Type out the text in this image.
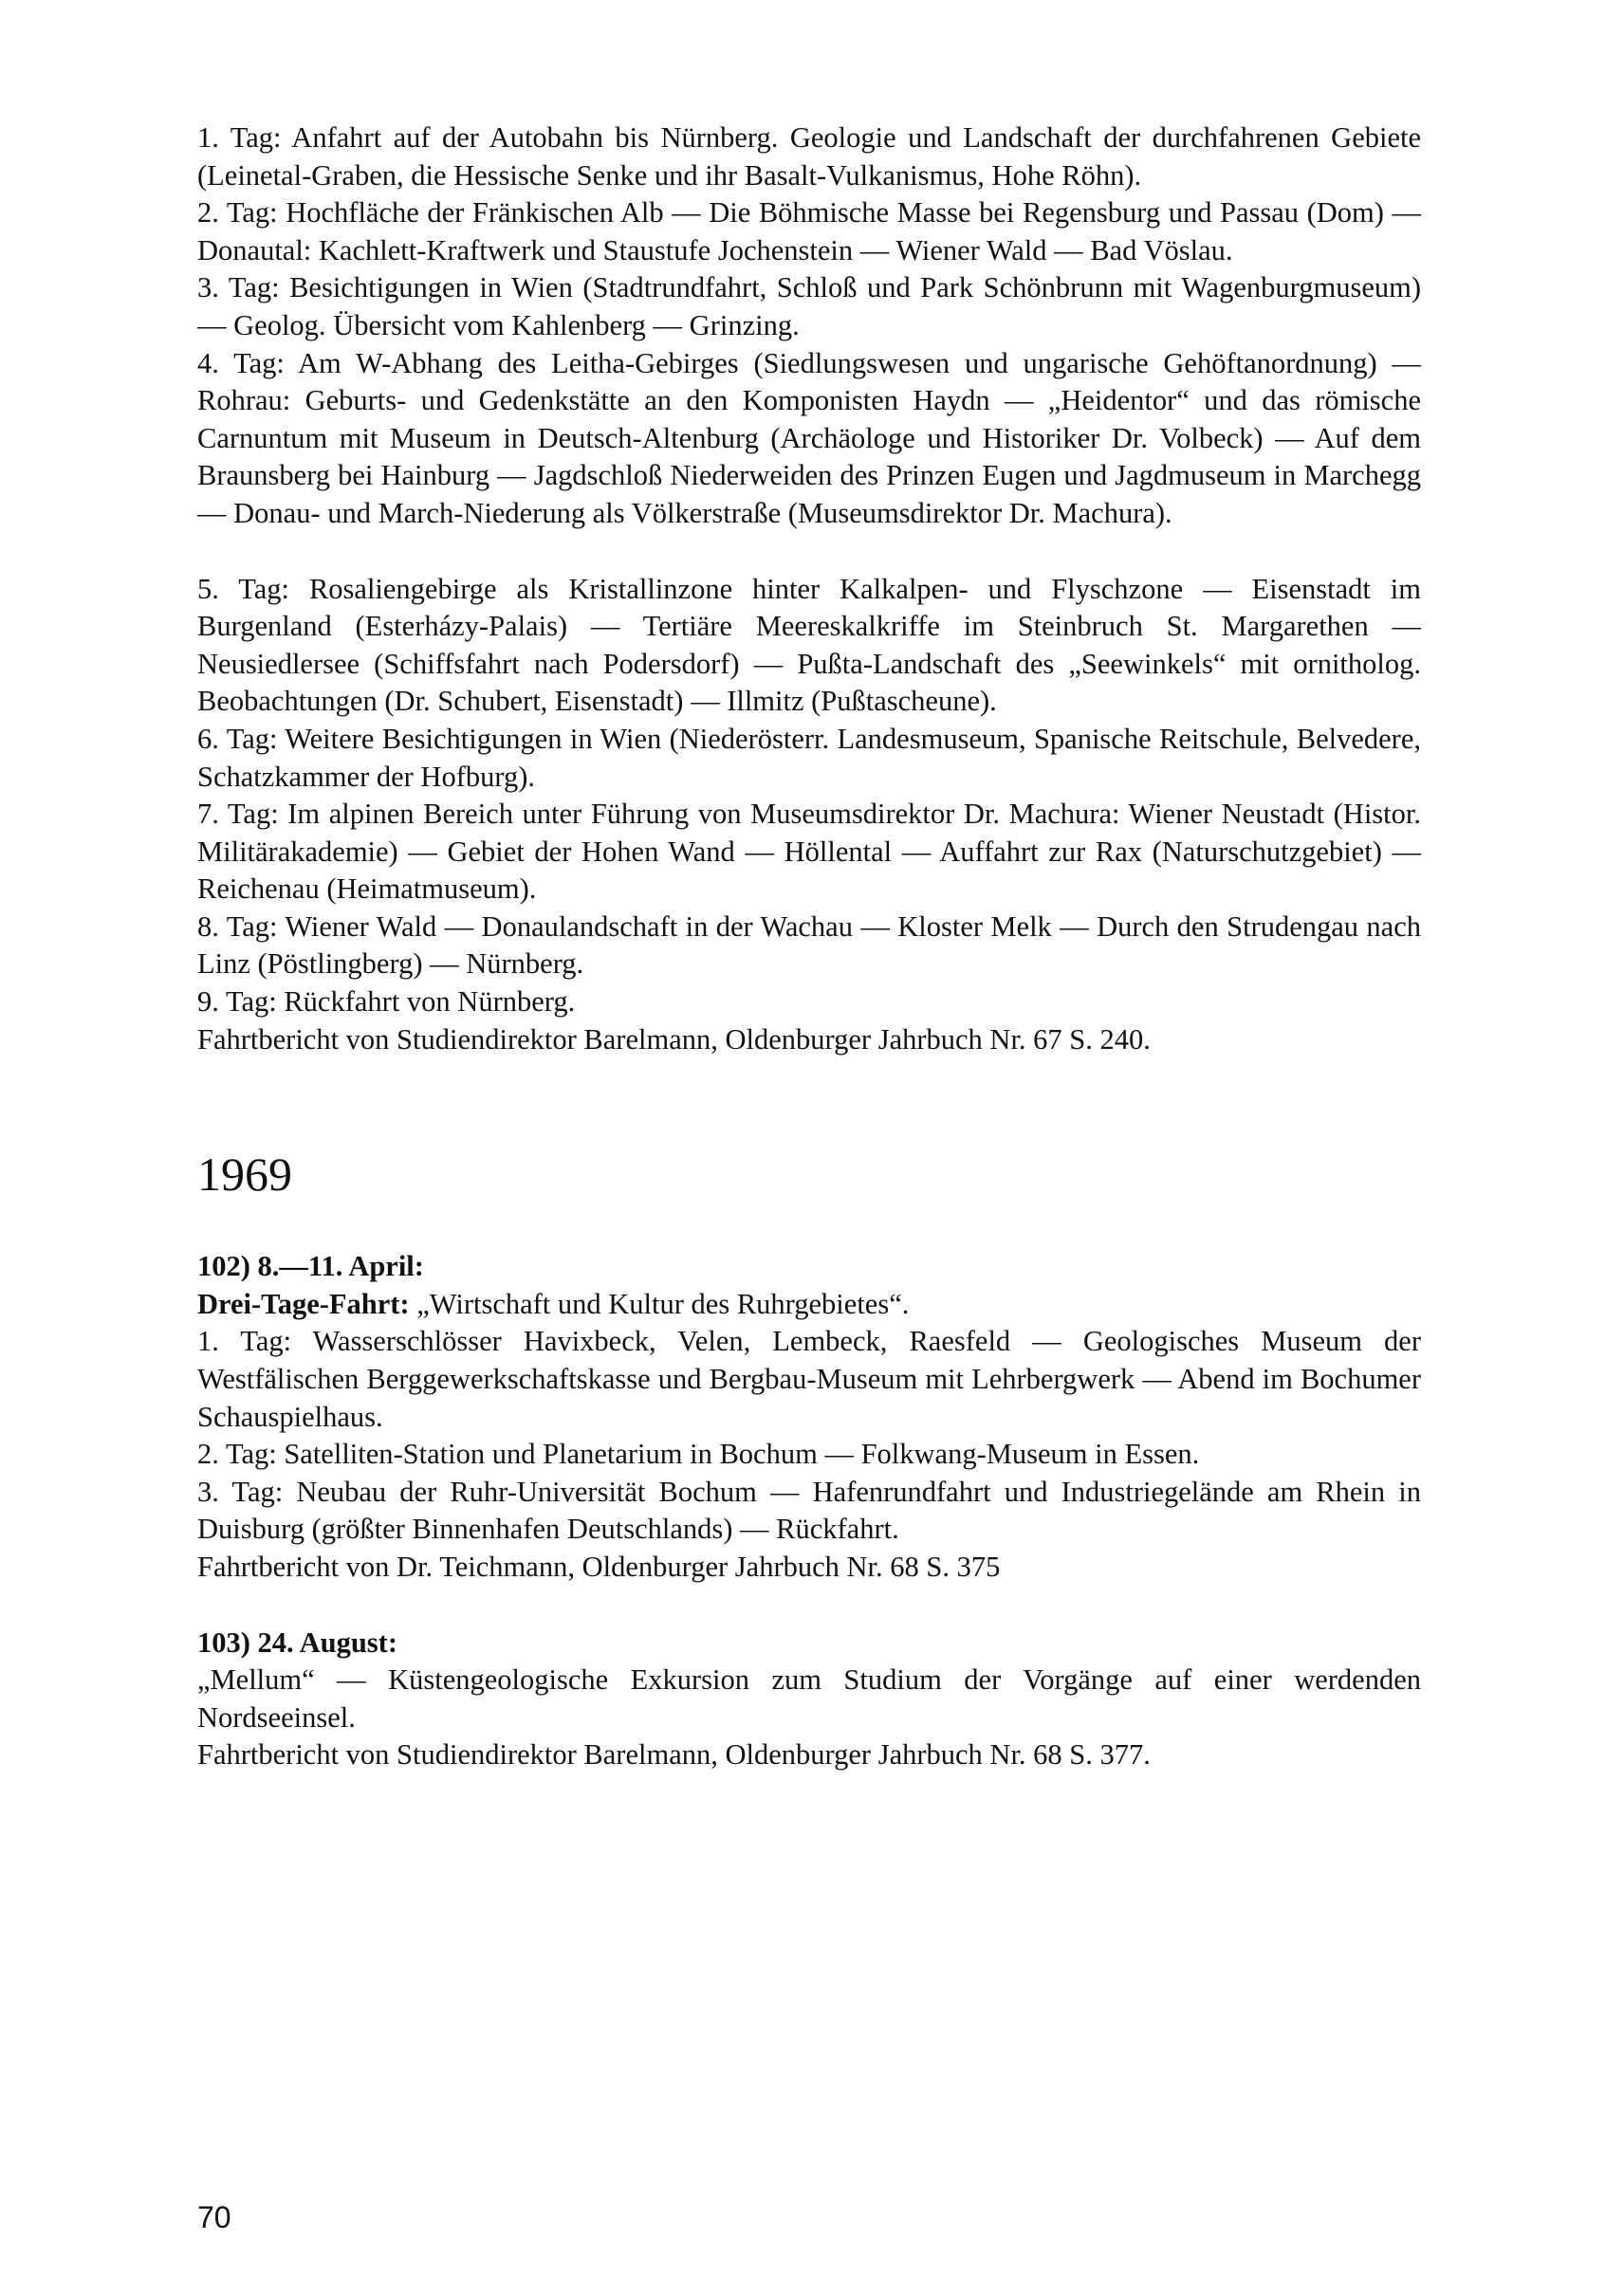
1. Tag: Anfahrt auf der Autobahn bis Nürnberg. Geologie und Landschaft der durchfahrenen Gebiete (Leinetal-Graben, die Hessische Senke und ihr Basalt-Vulkanismus, Hohe Röhn).

2. Tag: Hochfläche der Fränkischen Alb — Die Böhmische Masse bei Regensburg und Passau (Dom) — Donautal: Kachlett-Kraftwerk und Staustufe Jochenstein — Wiener Wald — Bad Vöslau.

3. Tag: Besichtigungen in Wien (Stadtrundfahrt, Schloß und Park Schönbrunn mit Wagenburgmuseum) — Geolog. Übersicht vom Kahlenberg — Grinzing.

4. Tag: Am W-Abhang des Leitha-Gebirges (Siedlungswesen und ungarische Gehöftanordnung) — Rohrau: Geburts- und Gedenkstätte an den Komponisten Haydn — „Heidentor“ und das römische Carnuntum mit Museum in Deutsch-Altenburg (Archäologe und Historiker Dr. Volbeck) — Auf dem Braunsberg bei Hainburg — Jagdschloß Niederweiden des Prinzen Eugen und Jagdmuseum in Marchegg — Donau- und March-Niederung als Völkerstraße (Museumsdirektor Dr. Machura).

5. Tag: Rosaliengebirge als Kristallinzone hinter Kalkalpen- und Flyschzone — Eisenstadt im Burgenland (Esterházy-Palais) — Tertiäre Meereskalkriffe im Steinbruch St. Margarethen — Neusiedlersee (Schiffsfahrt nach Podersdorf) — Pußta-Landschaft des „Seewinkels“ mit ornitholog. Beobachtungen (Dr. Schubert, Eisenstadt) — Illmitz (Pußtascheune).

6. Tag: Weitere Besichtigungen in Wien (Niederösterr. Landesmuseum, Spanische Reitschule, Belvedere, Schatzkammer der Hofburg).

7. Tag: Im alpinen Bereich unter Führung von Museumsdirektor Dr. Machura: Wiener Neustadt (Histor. Militärakademie) — Gebiet der Hohen Wand — Höllental — Auffahrt zur Rax (Naturschutzgebiet) — Reichenau (Heimatmuseum).

8. Tag: Wiener Wald — Donaulandschaft in der Wachau — Kloster Melk — Durch den Strudengau nach Linz (Pöstlingberg) — Nürnberg.

9. Tag: Rückfahrt von Nürnberg.

Fahrtbericht von Studiendirektor Barelmann, Oldenburger Jahrbuch Nr. 67 S. 240.

1969

102) 8.—11. April:

Drei-Tage-Fahrt: „Wirtschaft und Kultur des Ruhrgebietes“.

1. Tag: Wasserschlösser Havixbeck, Velen, Lembeck, Raesfeld — Geologisches Museum der Westfälischen Berggewerkschaftskasse und Bergbau-Museum mit Lehrbergwerk — Abend im Bochumer Schauspielhaus.

2. Tag: Satelliten-Station und Planetarium in Bochum — Folkwang-Museum in Essen.

3. Tag: Neubau der Ruhr-Universität Bochum — Hafenrundfahrt und Industriegelände am Rhein in Duisburg (größter Binnenhafen Deutschlands) — Rückfahrt.

Fahrtbericht von Dr. Teichmann, Oldenburger Jahrbuch Nr. 68 S. 375

103) 24. August:

„Mellum“ — Küstengeologische Exkursion zum Studium der Vorgänge auf einer werdenden Nordseeinsel.

Fahrtbericht von Studiendirektor Barelmann, Oldenburger Jahrbuch Nr. 68 S. 377.

70
